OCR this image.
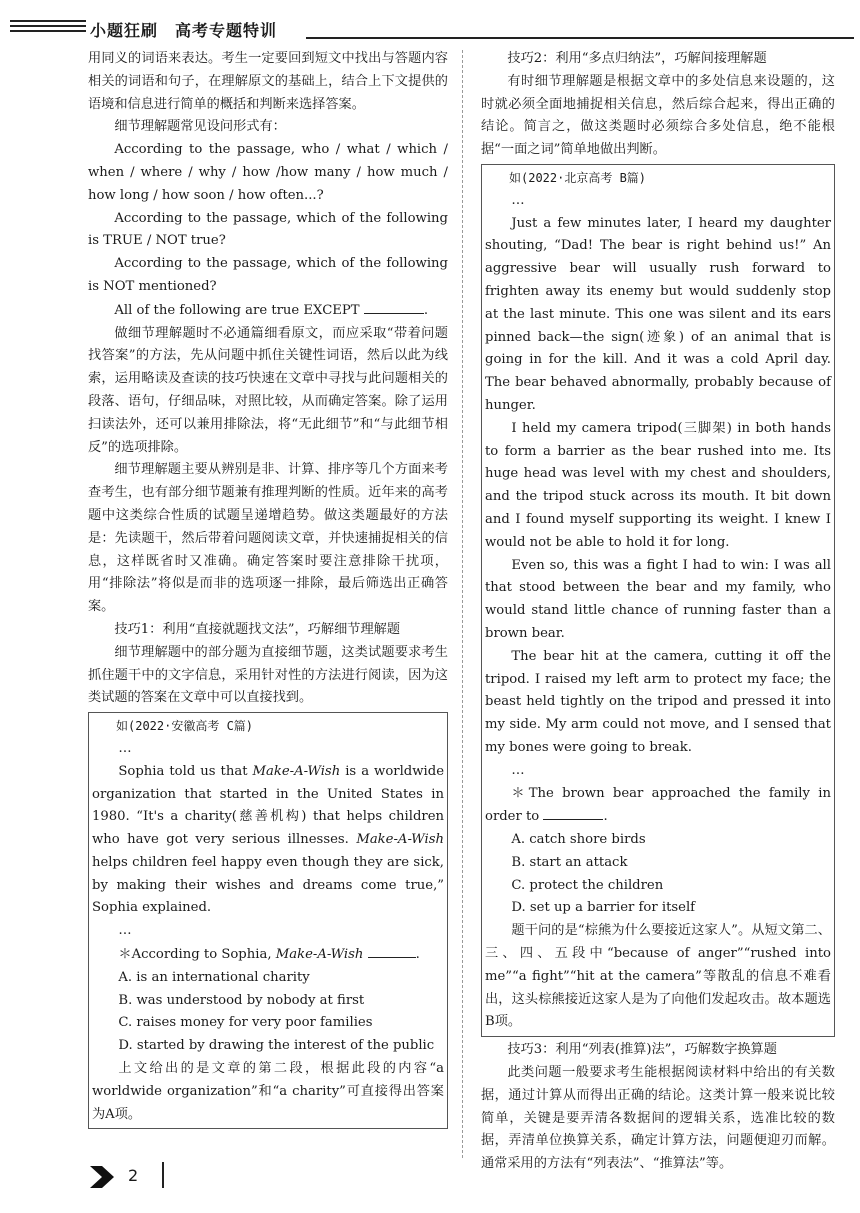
小题狂刷　高考专题特训

用同义的词语来表达。考生一定要回到短文中找出与答题内容相关的词语和句子，在理解原文的基础上，结合上下文提供的语境和信息进行简单的概括和判断来选择答案。

细节理解题常见设问形式有：

According to the passage, who / what / which / when / where / why / how /how many / how much / how long / how soon / how often...?

According to the passage, which of the following is TRUE / NOT true?

According to the passage, which of the following is NOT mentioned?

All of the following are true EXCEPT	.

做细节理解题时不必通篇细看原文，而应采取“带着问题找答案”的方法，先从问题中抓住关键性词语，然后以此为线索，运用略读及查读的技巧快速在文章中寻找与此问题相关的段落、语句，仔细品味，对照比较，从而确定答案。除了运用扫读法外，还可以兼用排除法，将“无此细节”和“与此细节相反”的选项排除。

细节理解题主要从辨别是非、计算、排序等几个方面来考查考生，也有部分细节题兼有推理判断的性质。近年来的高考题中这类综合性质的试题呈递增趋势。做这类题最好的方法是：先读题干，然后带着问题阅读文章，并快速捕捉相关的信息，这样既省时又准确。确定答案时要注意排除干扰项，用“排除法”将似是而非的选项逐一排除，最后筛选出正确答案。

技巧1：利用“直接就题找文法”，巧解细节理解题

细节理解题中的部分题为直接细节题，这类试题要求考生抓住题干中的文字信息，采用针对性的方法进行阅读，因为这类试题的答案在文章中可以直接找到。

如(2022·安徽高考 C篇)

…

Sophia told us that Make-A-Wish is a worldwide organization that started in the United States in 1980. “It's a charity(慈善机构) that helps children who have got very serious illnesses. Make-A-Wish helps children feel happy even though they are sick, by making their wishes and dreams come true,” Sophia explained.

…

＊According to Sophia, Make-A-Wish	.

A. is an international charity

B. was understood by nobody at first

C. raises money for very poor families

D. started by drawing the interest of the public

上文给出的是文章的第二段，根据此段的内容“a worldwide organization”和“a charity”可直接得出答案为A项。

技巧2：利用“多点归纳法”，巧解间接理解题

有时细节理解题是根据文章中的多处信息来设题的，这时就必须全面地捕捉相关信息，然后综合起来，得出正确的结论。简言之，做这类题时必须综合多处信息，绝不能根据“一面之词”简单地做出判断。

如(2022·北京高考 B篇)

…

Just a few minutes later, I heard my daughter shouting, “Dad! The bear is right behind us!” An aggressive bear will usually rush forward to frighten away its enemy but would suddenly stop at the last minute. This one was silent and its ears pinned back—the sign(迹象) of an animal that is going in for the kill. And it was a cold April day. The bear behaved abnormally, probably because of hunger.

I held my camera tripod(三脚架) in both hands to form a barrier as the bear rushed into me. Its huge head was level with my chest and shoulders, and the tripod stuck across its mouth. It bit down and I found myself supporting its weight. I knew I would not be able to hold it for long.

Even so, this was a fight I had to win: I was all that stood between the bear and my family, who would stand little chance of running faster than a brown bear.

The bear hit at the camera, cutting it off the tripod. I raised my left arm to protect my face; the beast held tightly on the tripod and pressed it into my side. My arm could not move, and I sensed that my bones were going to break.

…

＊The brown bear approached the family in order to	.

A. catch shore birds

B. start an attack

C. protect the children

D. set up a barrier for itself

题干问的是“棕熊为什么要接近这家人”。从短文第二、三、四、五段中“because of anger”“rushed into me”“a fight”“hit at the camera”等散乱的信息不难看出，这头棕熊接近这家人是为了向他们发起攻击。故本题选B项。

技巧3：利用“列表(推算)法”，巧解数字换算题

此类问题一般要求考生能根据阅读材料中给出的有关数据，通过计算从而得出正确的结论。这类计算一般来说比较简单，关键是要弄清各数据间的逻辑关系，选准比较的数据，弄清单位换算关系，确定计算方法，问题便迎刃而解。通常采用的方法有“列表法”、“推算法”等。

2
